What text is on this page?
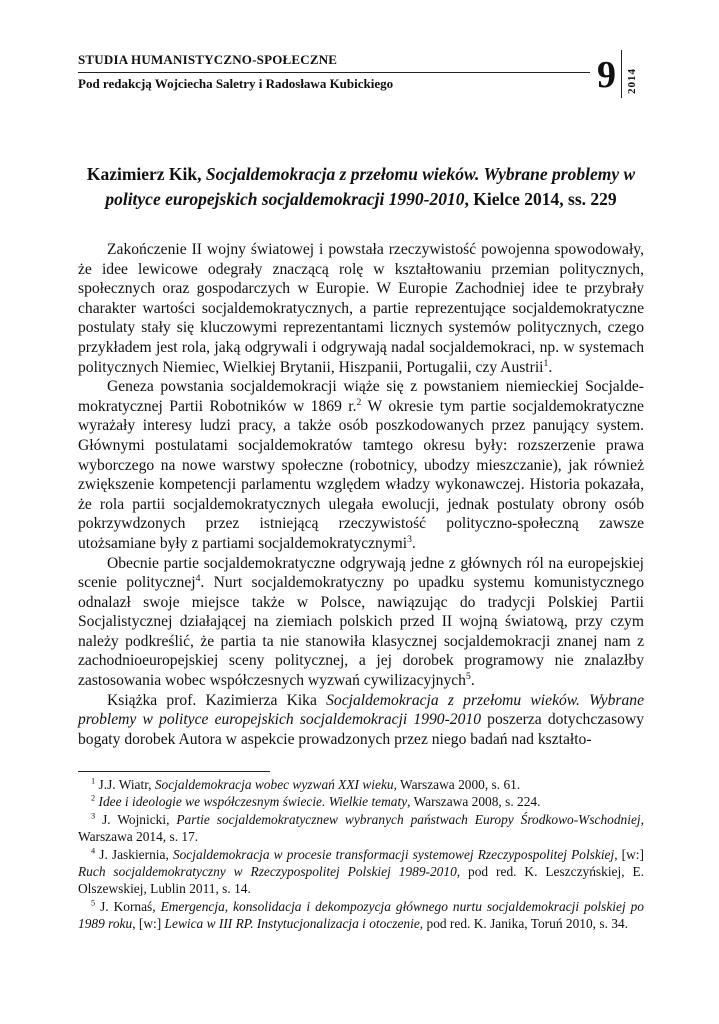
STUDIA HUMANISTYCZNO-SPOŁECZNE
Pod redakcją Wojciecha Saletry i Radosława Kubickiego	9 2014
Kazimierz Kik, Socjaldemokracja z przełomu wieków. Wybrane problemy w polityce europejskich socjaldemokracji 1990-2010, Kielce 2014, ss. 229

Zakończenie II wojny światowej i powstała rzeczywistość powojenna spowodowały, że idee lewicowe odegrały znaczącą rolę w kształtowaniu przemian politycznych, społecznych oraz gospodarczych w Europie. W Europie Zachodniej idee te przybrały charakter wartości socjaldemokratycznych, a partie reprezentujące socjaldemokratyczne postulaty stały się kluczowymi reprezentantami licznych systemów politycznych, czego przykładem jest rola, jaką odgrywali i odgrywają nadal socjaldemokraci, np. w systemach politycznych Niemiec, Wielkiej Brytanii, Hiszpanii, Portugalii, czy Austrii$^1$.

Geneza powstania socjaldemokracji wiąże się z powstaniem niemieckiej Socjaldemokratycznej Partii Robotników w 1869 r.$^2$ W okresie tym partie socjaldemokratyczne wyrażały interesy ludzi pracy, a także osób poszkodowanych przez panujący system. Głównymi postulatami socjaldemokratów tamtego okresu były: rozszerzenie prawa wyborczego na nowe warstwy społeczne (robotnicy, ubodzy mieszczanie), jak również zwiększenie kompetencji parlamentu względem władzy wykonawczej. Historia pokazała, że rola partii socjaldemokratycznych ulegała ewolucji, jednak postulaty obrony osób pokrzywdzonych przez istniejącą rzeczywistość polityczno-społeczną zawsze utożsamiane były z partiami socjaldemokratycznymi$^3$.

Obecnie partie socjaldemokratyczne odgrywają jedne z głównych ról na europejskiej scenie politycznej$^4$. Nurt socjaldemokratyczny po upadku systemu komunistycznego odnalazł swoje miejsce także w Polsce, nawiązując do tradycji Polskiej Partii Socjalistycznej działającej na ziemiach polskich przed II wojną światową, przy czym należy podkreślić, że partia ta nie stanowiła klasycznej socjaldemokracji znanej nam z zachodnioeuropejskiej sceny politycznej, a jej dorobek programowy nie znalazłby zastosowania wobec współczesnych wyzwań cywilizacyjnych$^5$.

Książka prof. Kazimierza Kika Socjaldemokracja z przełomu wieków. Wybrane problemy w polityce europejskich socjaldemokracji 1990-2010 poszerza dotychczasowy bogaty dorobek Autora w aspekcie prowadzonych przez niego badań nad kształto-

$^1$ J.J. Wiatr, Socjaldemokracja wobec wyzwań XXI wieku, Warszawa 2000, s. 61.

$^2$ Idee i ideologie we współczesnym świecie. Wielkie tematy, Warszawa 2008, s. 224.

$^3$ J. Wojnicki, Partie socjaldemokratycznew wybranych państwach Europy Środkowo-Wschodniej, Warszawa 2014, s. 17.

$^4$ J. Jaskiernia, Socjaldemokracja w procesie transformacji systemowej Rzeczypospolitej Polskiej, [w:] Ruch socjaldemokratyczny w Rzeczypospolitej Polskiej 1989-2010, pod red. K. Leszczyńskiej, E. Olszewskiej, Lublin 2011, s. 14.

$^5$ J. Kornaś, Emergencja, konsolidacja i dekompozycja głównego nurtu socjaldemokracji polskiej po 1989 roku, [w:] Lewica w III RP. Instytucjonalizacja i otoczenie, pod red. K. Janika, Toruń 2010, s. 34.
